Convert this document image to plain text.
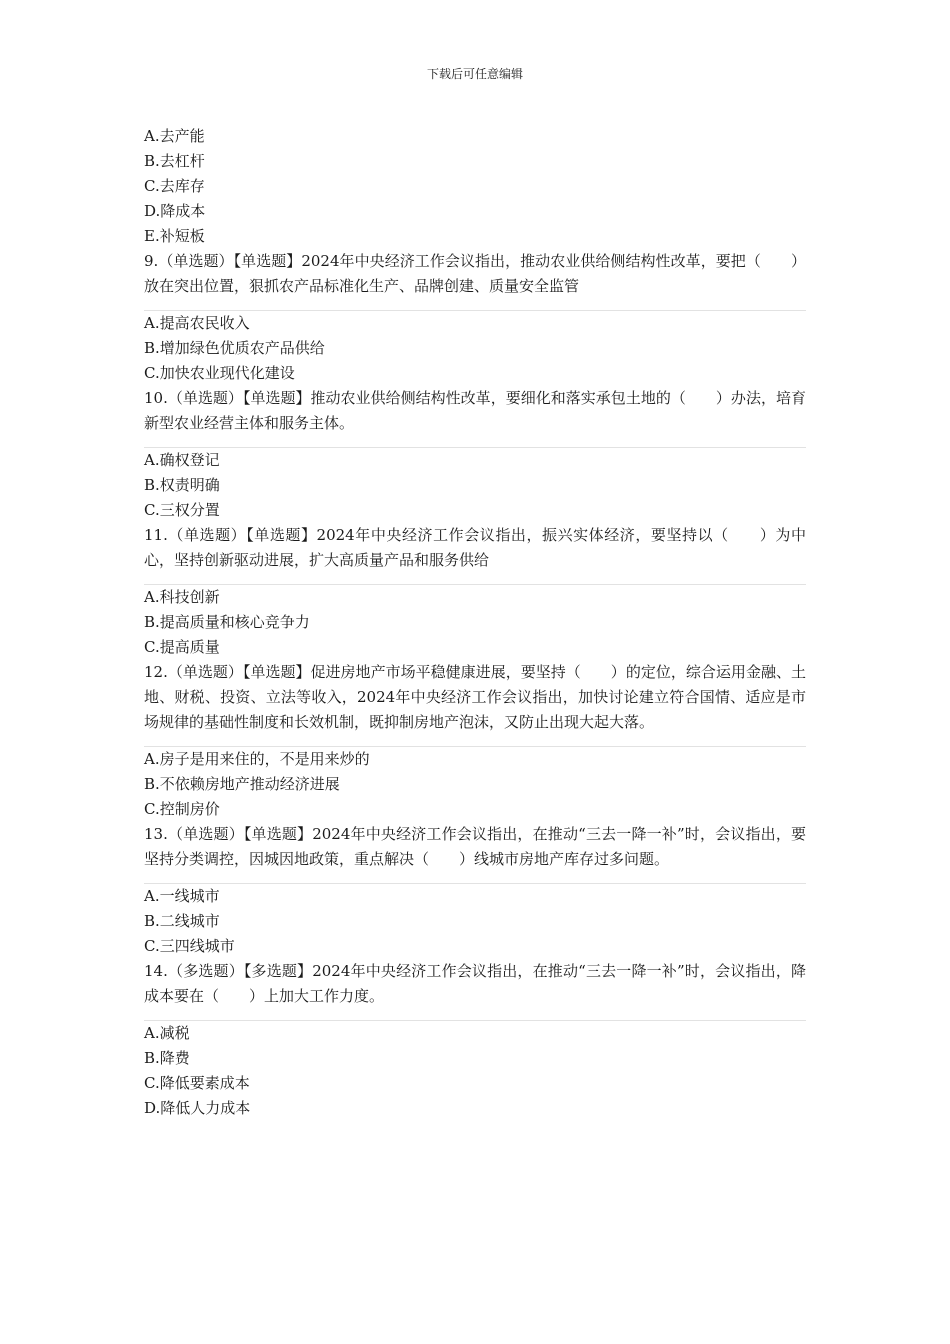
下载后可任意编辑

A.去产能

B.去杠杆

C.去库存

D.降成本

E.补短板

9.（单选题）【单选题】2024年中央经济工作会议指出，推动农业供给侧结构性改革，要把（　　）放在突出位置，狠抓农产品标准化生产、品牌创建、质量安全监管

A.提高农民收入

B.增加绿色优质农产品供给

C.加快农业现代化建设

10.（单选题）【单选题】推动农业供给侧结构性改革，要细化和落实承包土地的（　　）办法，培育新型农业经营主体和服务主体。

A.确权登记

B.权责明确

C.三权分置

11.（单选题）【单选题】2024年中央经济工作会议指出，振兴实体经济，要坚持以（　　）为中心，坚持创新驱动进展，扩大高质量产品和服务供给

A.科技创新

B.提高质量和核心竞争力

C.提高质量

12.（单选题）【单选题】促进房地产市场平稳健康进展，要坚持（　　）的定位，综合运用金融、土地、财税、投资、立法等收入，2024年中央经济工作会议指出，加快讨论建立符合国情、适应是市场规律的基础性制度和长效机制，既抑制房地产泡沫，又防止出现大起大落。

A.房子是用来住的，不是用来炒的

B.不依赖房地产推动经济进展

C.控制房价

13.（单选题）【单选题】2024年中央经济工作会议指出，在推动“三去一降一补”时，会议指出，要坚持分类调控，因城因地政策，重点解决（　　）线城市房地产库存过多问题。

A.一线城市

B.二线城市

C.三四线城市

14.（多选题）【多选题】2024年中央经济工作会议指出，在推动“三去一降一补”时，会议指出，降成本要在（　　）上加大工作力度。

A.减税

B.降费

C.降低要素成本

D.降低人力成本
